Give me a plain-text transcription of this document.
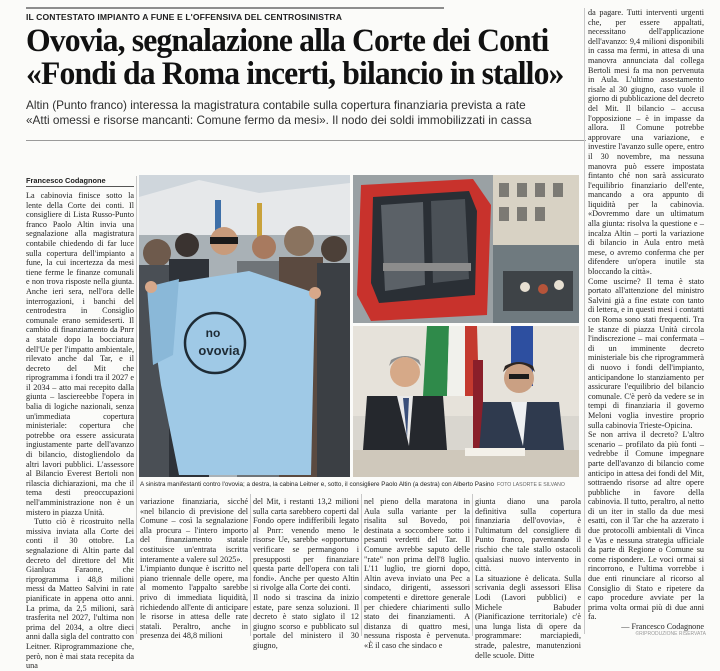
IL CONTESTATO IMPIANTO A FUNE E L'OFFENSIVA DEL CENTROSINISTRA
Ovovia, segnalazione alla Corte dei Conti
«Fondi da Roma incerti, bilancio in stallo»
Altin (Punto franco) interessa la magistratura contabile sulla copertura finanziaria prevista a rate
«Atti omessi e risorse mancanti: Comune fermo da mesi». Il nodo dei soldi immobilizzati in cassa
Francesco Codagnone

La cabinovia finisce sotto la lente della Corte dei conti. Il consigliere di Lista Russo-Punto franco Paolo Altin invia una segnalazione alla magistratura contabile chiedendo di far luce sulla copertura dell'impianto a fune, la cui incertezza da mesi tiene ferme le finanze comunali e non trova risposte nella giunta. Anche ieri sera, nell'ora delle interrogazioni, i banchi del centrodestra in Consiglio comunale erano semideserti. Il cambio di finanziamento da Pnrr a statale dopo la bocciatura dell'Ue per l'impatto ambientale, rilevato anche dal Tar, e il decreto del Mit che riprogramma i fondi tra il 2027 e il 2034 – atto mai recepito dalla giunta – lasciereebbe l'opera in balia di logiche nazionali, senza un'immediata copertura ministeriale: copertura che potrebbe ora essere assicurata ingiustamente parte dell'avanzo di bilancio, distogliendolo da altri lavori pubblici. L'assessore al Bilancio Everest Bertoli non rilascia dichiarazioni, ma che il tema desti preoccupazioni nell'amministrazione non è un mistero in piazza Unità.

Tutto ciò è ricostruito nella missiva inviata alla Corte dei conti il 30 ottobre. La segnalazione di Altin parte dal decreto del direttore del Mit Gianluca Faraone, che riprogramma i 48,8 milioni messi da Matteo Salvini in rate pianificate in appena otto anni. La prima, da 2,5 milioni, sarà trasferita nel 2027, l'ultima non prima del 2034, a oltre dieci anni dalla sigla del contratto con Leitner. Riprogrammazione che, però, non è mai stata recepita da una

no
ovovia
A sinistra manifestanti contro l'ovovia; a destra, la cabina Leitner e, sotto, il consigliere Paolo Altin (a destra) con Alberto Pasino FOTO LASORTE E SILVANO

variazione finanziaria, sicché «nel bilancio di previsione del Comune – così la segnalazione alla procura – l'intero importo del finanziamento statale costituisce un'entrata iscritta interamente a valere sul 2025».
L'impianto dunque è iscritto nel piano triennale delle opere, ma al momento l'appalto sarebbe privo di immediata liquidità, richiedendo all'ente di anticipare le risorse in attesa delle rate statali. Peraltro, anche in presenza dei 48,8 milioni

del Mit, i restanti 13,2 milioni sulla carta sarebbero coperti dal Fondo opere indifferibili legato al Pnrr: venendo meno le risorse Ue, sarebbe «opportuno verificare se permangono i presupposti per finanziare questa parte dell'opera con tali fondi». Anche per questo Altin si rivolge alla Corte dei conti.
Il nodo si trascina da inizio estate, pare senza soluzioni. Il decreto è stato siglato il 12 giugno scorso e pubblicato sul portale del ministero il 30 giugno,

nel pieno della maratona in Aula sulla variante per la risalita sul Bovedo, poi destinata a soccombere sotto i pesanti verdetti del Tar. Il Comune avrebbe saputo delle "rate" non prima dell'8 luglio. L'11 luglio, tre giorni dopo, Altin aveva inviato una Pec a sindaco, dirigenti, assessori competenti e direttore generale per chiedere chiarimenti sullo stato dei finanziamenti. A distanza di quattro mesi, nessuna risposta è pervenuta. «È il caso che sindaco e

giunta diano una parola definitiva sulla copertura finanziaria dell'ovovia», è l'ultimatum del consigliere di Punto franco, paventando il rischio che tale stallo ostacoli qualsiasi nuovo intervento in città.
La situazione è delicata. Sulla scrivania degli assessori Elisa Lodi (Lavori pubblici) e Michele Babuder (Pianificazione territoriale) c'è una lunga lista di opere da programmare: marciapiedi, strade, palestre, manutenzioni delle scuole. Ditte

da pagare. Tutti interventi urgenti che, per essere appaltati, necessitano dell'applicazione dell'avanzo: 9,4 milioni disponibili in cassa ma fermi, in attesa di una manovra annunciata dal collega Bertoli mesi fa ma non pervenuta in Aula. L'ultimo assestamento risale al 30 giugno, caso vuole il giorno di pubblicazione del decreto del Mit. Il bilancio – accusa l'opposizione – è in impasse da allora. Il Comune potrebbe approvare una variazione, e investire l'avanzo sulle opere, entro il 30 novembre, ma nessuna manovra può essere impostata fintanto ché non sarà assicurato l'equilibrio finanziario dell'ente, mancando a ora appunto di liquidità per la cabinovia. «Dovremmo dare un ultimatum alla giunta: risolva la questione e – incalza Altin – porti la variazione di bilancio in Aula entro metà mese, o avremo conferma che per difendere un'opera inutile sta bloccando la città».
Come uscirne? Il tema è stato portato all'attenzione del ministro Salvini già a fine estate con tanto di lettera, e in questi mesi i contatti con Roma sono stati frequenti. Tra le stanze di piazza Unità circola l'indiscrezione – mai confermata – di un imminente decreto ministeriale bis che riprogrammerà di nuovo i fondi dell'impianto, anticipandone lo stanziamento per assicurare l'equilibrio del bilancio comunale. C'è però da vedere se in tempi di finanziaria il governo Meloni voglia investire proprio sulla cabinovia Trieste-Opicina.
Se non arriva il decreto? L'altro scenario – profilato da più fonti – vedrebbe il Comune impegnare parte dell'avanzo di bilancio come anticipo in attesa dei fondi del Mit, sottraendo risorse ad altre opere pubbliche in favore della cabinovia. Il tutto, peraltro, al netto di un iter in stallo da due mesi esatti, con il Tar che ha azzerato i due protocolli ambientali di Vinca e Vas e nessuna strategia ufficiale da parte di Regione o Comune su come rispondere. Le voci ormai si rincorrono, e l'ultima vorrebbe i due enti rinunciare al ricorso al Consiglio di Stato e ripetere da capo procedure avviate per la prima volta ormai più di due anni fa.

— Francesco Codagnone

©RIPRODUZIONE RISERVATA
